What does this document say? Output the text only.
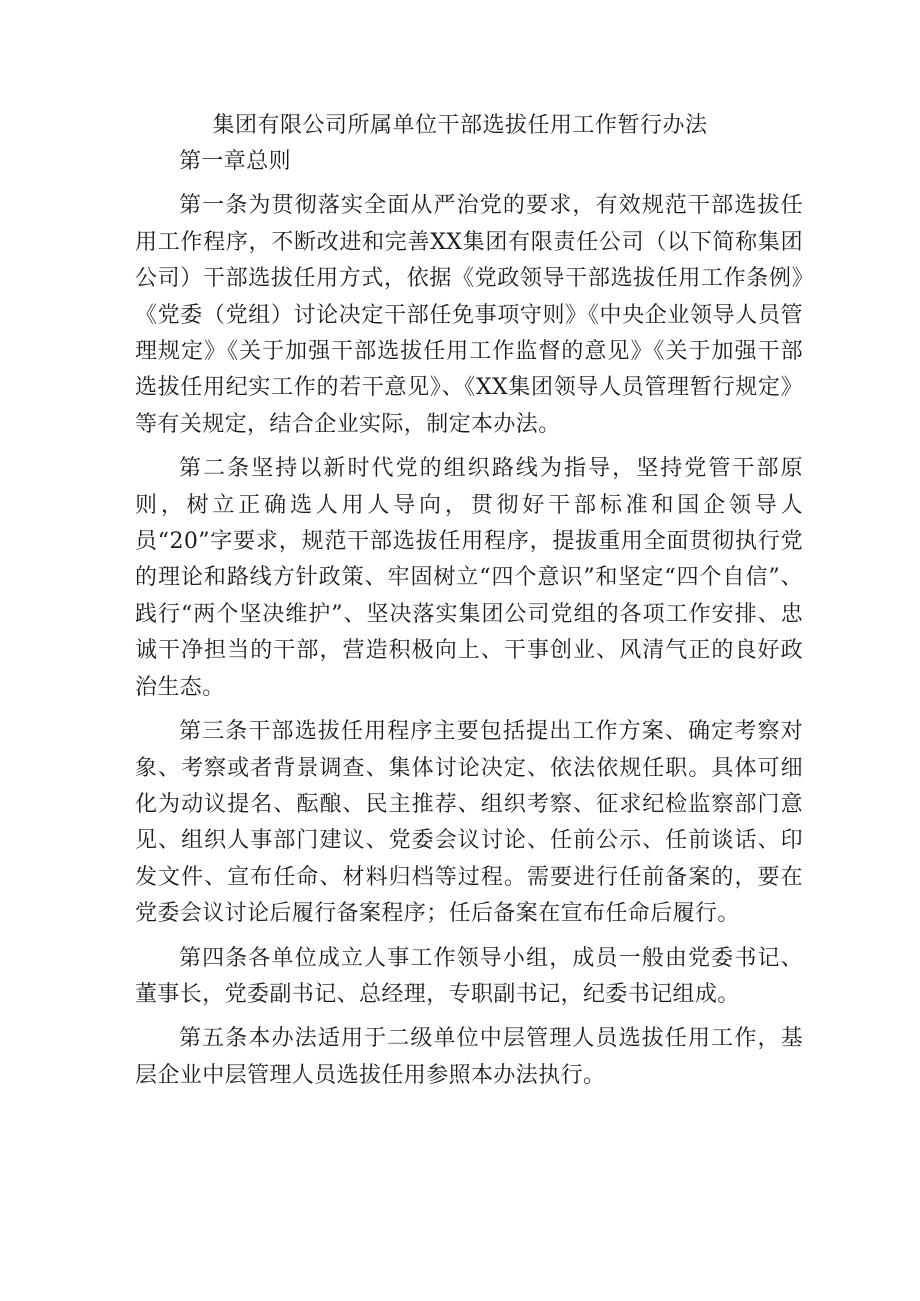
集团有限公司所属单位干部选拔任用工作暂行办法

第一章总则

第一条为贯彻落实全面从严治党的要求，有效规范干部选拔任用工作程序，不断改进和完善XX集团有限责任公司（以下简称集团公司）干部选拔任用方式，依据《党政领导干部选拔任用工作条例》《党委（党组）讨论决定干部任免事项守则》《中央企业领导人员管理规定》《关于加强干部选拔任用工作监督的意见》《关于加强干部选拔任用纪实工作的若干意见》、《XX集团领导人员管理暂行规定》等有关规定，结合企业实际，制定本办法。

第二条坚持以新时代党的组织路线为指导，坚持党管干部原则，树立正确选人用人导向，贯彻好干部标准和国企领导人员“20”字要求，规范干部选拔任用程序，提拔重用全面贯彻执行党的理论和路线方针政策、牢固树立“四个意识”和坚定“四个自信”、践行“两个坚决维护”、坚决落实集团公司党组的各项工作安排、忠诚干净担当的干部，营造积极向上、干事创业、风清气正的良好政治生态。

第三条干部选拔任用程序主要包括提出工作方案、确定考察对象、考察或者背景调查、集体讨论决定、依法依规任职。具体可细化为动议提名、酝酿、民主推荐、组织考察、征求纪检监察部门意见、组织人事部门建议、党委会议讨论、任前公示、任前谈话、印发文件、宣布任命、材料归档等过程。需要进行任前备案的，要在党委会议讨论后履行备案程序；任后备案在宣布任命后履行。

第四条各单位成立人事工作领导小组，成员一般由党委书记、董事长，党委副书记、总经理，专职副书记，纪委书记组成。

第五条本办法适用于二级单位中层管理人员选拔任用工作，基层企业中层管理人员选拔任用参照本办法执行。
